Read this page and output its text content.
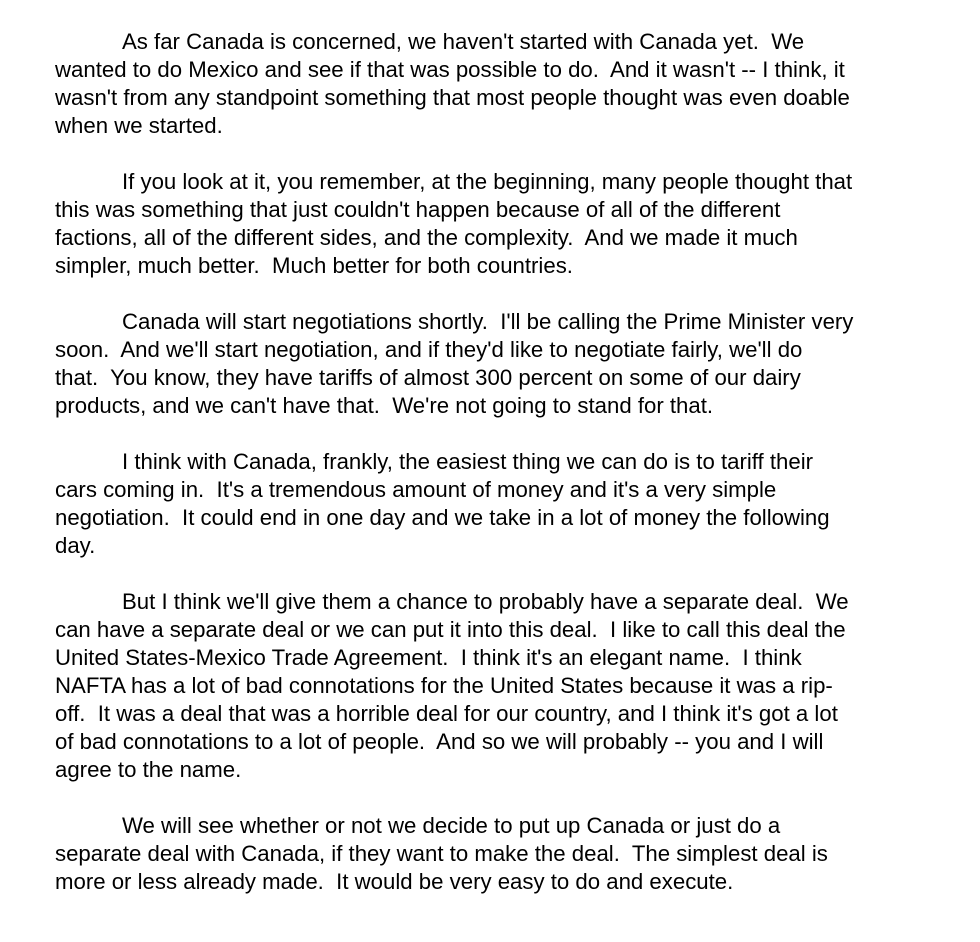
As far Canada is concerned, we haven't started with Canada yet.  We
wanted to do Mexico and see if that was possible to do.  And it wasn't -- I think, it
wasn't from any standpoint something that most people thought was even doable
when we started.

If you look at it, you remember, at the beginning, many people thought that
this was something that just couldn't happen because of all of the different
factions, all of the different sides, and the complexity.  And we made it much
simpler, much better.  Much better for both countries.

Canada will start negotiations shortly.  I'll be calling the Prime Minister very
soon.  And we'll start negotiation, and if they'd like to negotiate fairly, we'll do
that.  You know, they have tariffs of almost 300 percent on some of our dairy
products, and we can't have that.  We're not going to stand for that.

I think with Canada, frankly, the easiest thing we can do is to tariff their
cars coming in.  It's a tremendous amount of money and it's a very simple
negotiation.  It could end in one day and we take in a lot of money the following
day.

But I think we'll give them a chance to probably have a separate deal.  We
can have a separate deal or we can put it into this deal.  I like to call this deal the
United States-Mexico Trade Agreement.  I think it's an elegant name.  I think
NAFTA has a lot of bad connotations for the United States because it was a rip-
off.  It was a deal that was a horrible deal for our country, and I think it's got a lot
of bad connotations to a lot of people.  And so we will probably -- you and I will
agree to the name.

We will see whether or not we decide to put up Canada or just do a
separate deal with Canada, if they want to make the deal.  The simplest deal is
more or less already made.  It would be very easy to do and execute.
